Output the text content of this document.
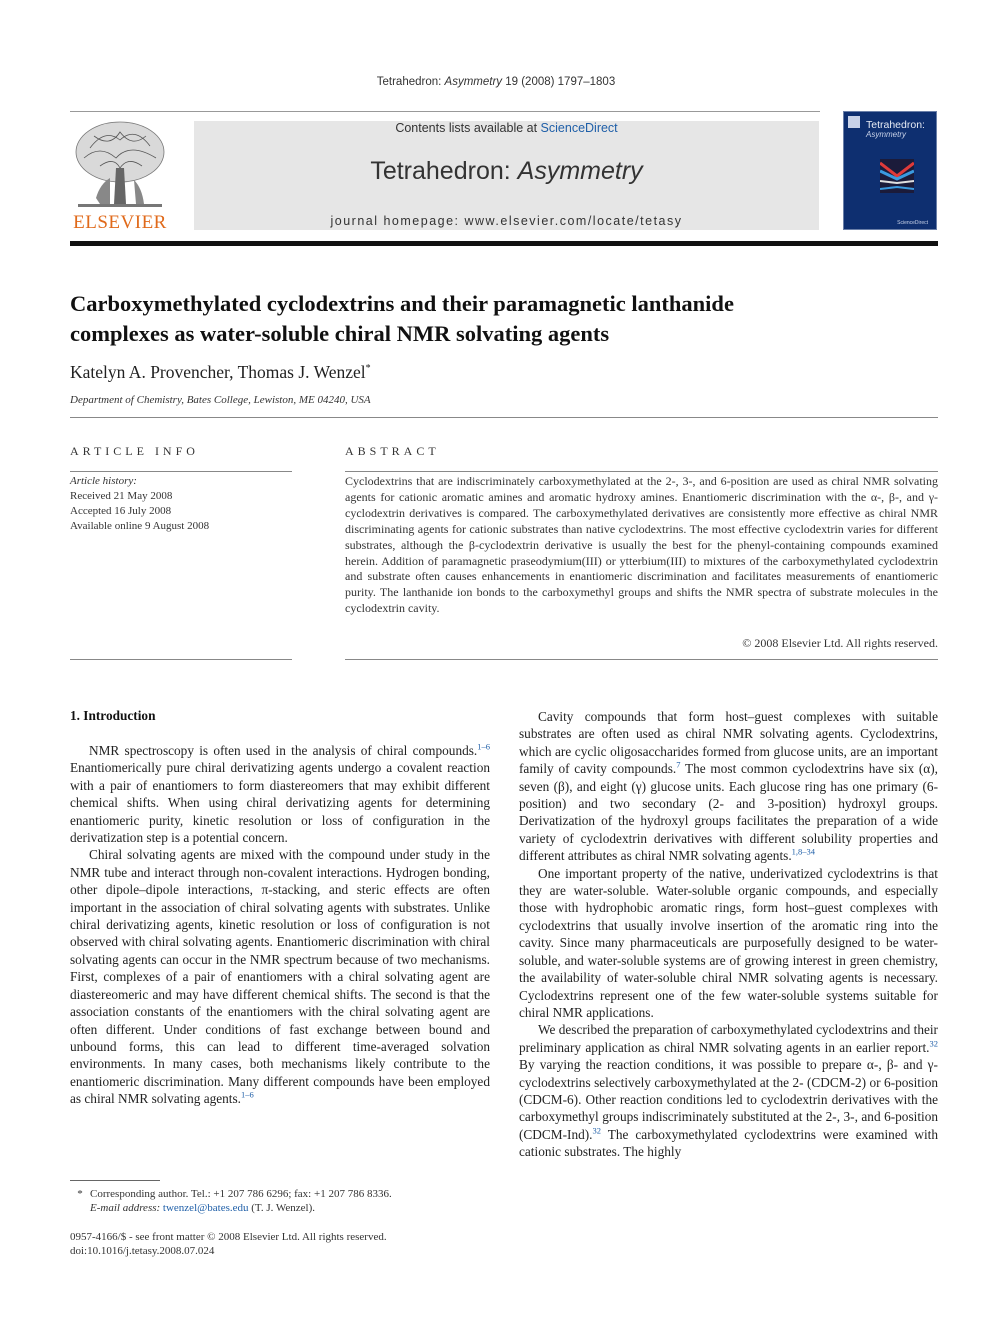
Tetrahedron: Asymmetry 19 (2008) 1797–1803
ELSEVIER
Contents lists available at ScienceDirect
Tetrahedron: Asymmetry
journal homepage: www.elsevier.com/locate/tetasy
Tetrahedron:
Asymmetry
ScienceDirect
Carboxymethylated cyclodextrins and their paramagnetic lanthanide
complexes as water-soluble chiral NMR solvating agents
Katelyn A. Provencher, Thomas J. Wenzel*
Department of Chemistry, Bates College, Lewiston, ME 04240, USA
ARTICLE INFO
Article history:
Received 21 May 2008
Accepted 16 July 2008
Available online 9 August 2008
ABSTRACT
Cyclodextrins that are indiscriminately carboxymethylated at the 2-, 3-, and 6-position are used as chiral NMR solvating agents for cationic aromatic amines and aromatic hydroxy amines. Enantiomeric discrimination with the α-, β-, and γ-cyclodextrin derivatives is compared. The carboxymethylated derivatives are consistently more effective as chiral NMR discriminating agents for cationic substrates than native cyclodextrins. The most effective cyclodextrin varies for different substrates, although the β-cyclodextrin derivative is usually the best for the phenyl-containing compounds examined herein. Addition of paramagnetic praseodymium(III) or ytterbium(III) to mixtures of the carboxymethylated cyclodextrin and substrate often causes enhancements in enantiomeric discrimination and facilitates measurements of enantiomeric purity. The lanthanide ion bonds to the carboxymethyl groups and shifts the NMR spectra of substrate molecules in the cyclodextrin cavity.
© 2008 Elsevier Ltd. All rights reserved.
1. Introduction

NMR spectroscopy is often used in the analysis of chiral compounds.$^{1-6}$ Enantiomerically pure chiral derivatizing agents undergo a covalent reaction with a pair of enantiomers to form diastereomers that may exhibit different chemical shifts. When using chiral derivatizing agents for determining enantiomeric purity, kinetic resolution or loss of configuration in the derivatization step is a potential concern.

Chiral solvating agents are mixed with the compound under study in the NMR tube and interact through non-covalent interactions. Hydrogen bonding, other dipole–dipole interactions, π-stacking, and steric effects are often important in the association of chiral solvating agents with substrates. Unlike chiral derivatizing agents, kinetic resolution or loss of configuration is not observed with chiral solvating agents. Enantiomeric discrimination with chiral solvating agents can occur in the NMR spectrum because of two mechanisms. First, complexes of a pair of enantiomers with a chiral solvating agent are diastereomeric and may have different chemical shifts. The second is that the association constants of the enantiomers with the chiral solvating agent are often different. Under conditions of fast exchange between bound and unbound forms, this can lead to different time-averaged solvation environments. In many cases, both mechanisms likely contribute to the enantiomeric discrimination. Many different compounds have been employed as chiral NMR solvating agents.$^{1-6}$

Cavity compounds that form host–guest complexes with suitable substrates are often used as chiral NMR solvating agents. Cyclodextrins, which are cyclic oligosaccharides formed from glucose units, are an important family of cavity compounds.$^7$ The most common cyclodextrins have six (α), seven (β), and eight (γ) glucose units. Each glucose ring has one primary (6-position) and two secondary (2- and 3-position) hydroxyl groups. Derivatization of the hydroxyl groups facilitates the preparation of a wide variety of cyclodextrin derivatives with different solubility properties and different attributes as chiral NMR solvating agents.$^{1,8-34}$

One important property of the native, underivatized cyclodextrins is that they are water-soluble. Water-soluble organic compounds, and especially those with hydrophobic aromatic rings, form host–guest complexes with cyclodextrins that usually involve insertion of the aromatic ring into the cavity. Since many pharmaceuticals are purposefully designed to be water-soluble, and water-soluble systems are of growing interest in green chemistry, the availability of water-soluble chiral NMR solvating agents is necessary. Cyclodextrins represent one of the few water-soluble systems suitable for chiral NMR applications.

We described the preparation of carboxymethylated cyclodextrins and their preliminary application as chiral NMR solvating agents in an earlier report.$^{32}$ By varying the reaction conditions, it was possible to prepare α-, β- and γ-cyclodextrins selectively carboxymethylated at the 2- (CDCM-2) or 6-position (CDCM-6). Other reaction conditions led to cyclodextrin derivatives with the carboxymethyl groups indiscriminately substituted at the 2-, 3-, and 6-position (CDCM-Ind).$^{32}$ The carboxymethylated cyclodextrins were examined with cationic substrates. The highly

* Corresponding author. Tel.: +1 207 786 6296; fax: +1 207 786 8336.
E-mail address: twenzel@bates.edu (T. J. Wenzel).
0957-4166/$ - see front matter © 2008 Elsevier Ltd. All rights reserved.
doi:10.1016/j.tetasy.2008.07.024
